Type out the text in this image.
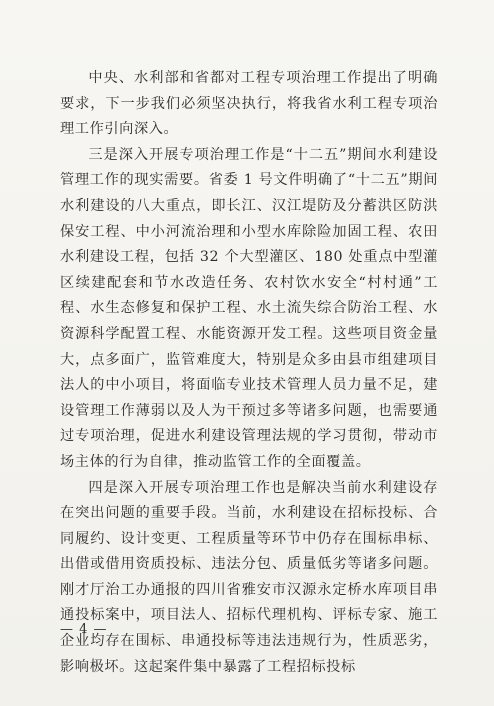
中央、水利部和省都对工程专项治理工作提出了明确要求，下一步我们必须坚决执行，将我省水利工程专项治理工作引向深入。

三是深入开展专项治理工作是“十二五”期间水利建设管理工作的现实需要。省委 1 号文件明确了“十二五”期间水利建设的八大重点，即长江、汉江堤防及分蓄洪区防洪保安工程、中小河流治理和小型水库除险加固工程、农田水利建设工程，包括 32 个大型灌区、180 处重点中型灌区续建配套和节水改造任务、农村饮水安全“村村通”工程、水生态修复和保护工程、水土流失综合防治工程、水资源科学配置工程、水能资源开发工程。这些项目资金量大，点多面广，监管难度大，特别是众多由县市组建项目法人的中小项目，将面临专业技术管理人员力量不足，建设管理工作薄弱以及人为干预过多等诸多问题，也需要通过专项治理，促进水利建设管理法规的学习贯彻，带动市场主体的行为自律，推动监管工作的全面覆盖。

四是深入开展专项治理工作也是解决当前水利建设存在突出问题的重要手段。当前，水利建设在招标投标、合同履约、设计变更、工程质量等环节中仍存在围标串标、出借或借用资质投标、违法分包、质量低劣等诸多问题。刚才厅治工办通报的四川省雅安市汉源永定桥水库项目串通投标案中，项目法人、招标代理机构、评标专家、施工企业均存在围标、串通投标等违法违规行为，性质恶劣，影响极坏。这起案件集中暴露了工程招标投标

— 4 —
